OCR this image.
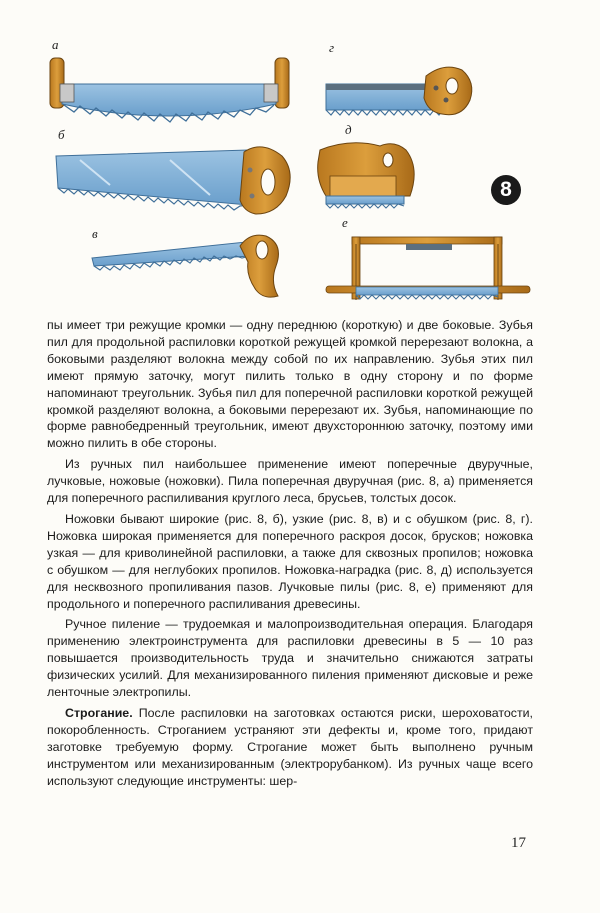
а
б
в
г
д
е
8

пы имеет три режущие кромки — одну переднюю (короткую) и две боковые. Зубья пил для продольной распиловки короткой режущей кромкой перерезают волокна, а боковыми разделяют волокна между собой по их направлению. Зубья этих пил имеют прямую заточку, могут пилить только в одну сторону и по форме напоминают треугольник. Зубья пил для поперечной распиловки короткой режущей кромкой разделяют волокна, а боковыми перерезают их. Зубья, напоминающие по форме равнобедренный треугольник, имеют двухстороннюю заточку, поэтому ими можно пилить в обе стороны.

Из ручных пил наибольшее применение имеют поперечные двуручные, лучковые, ножовые (ножовки). Пила поперечная двуручная (рис. 8, а) применяется для поперечного распиливания круглого леса, брусьев, толстых досок.

Ножовки бывают широкие (рис. 8, б), узкие (рис. 8, в) и с обушком (рис. 8, г). Ножовка широкая применяется для поперечного раскроя досок, брусков; ножовка узкая — для криволинейной распиловки, а также для сквозных пропилов; ножовка с обушком — для неглубоких пропилов. Ножовка-наградка (рис. 8, д) используется для несквозного пропиливания пазов. Лучковые пилы (рис. 8, е) применяют для продольного и поперечного распиливания древесины.

Ручное пиление — трудоемкая и малопроизводительная операция. Благодаря применению электроинструмента для распиловки древесины в 5 — 10 раз повышается производительность труда и значительно снижаются затраты физических усилий. Для механизированного пиления применяют дисковые и реже ленточные электропилы.

Строгание. После распиловки на заготовках остаются риски, шероховатости, покоробленность. Строганием устраняют эти дефекты и, кроме того, придают заготовке требуемую форму. Строгание может быть выполнено ручным инструментом или механизированным (электрорубанком). Из ручных чаще всего используют следующие инструменты: шер-

17
